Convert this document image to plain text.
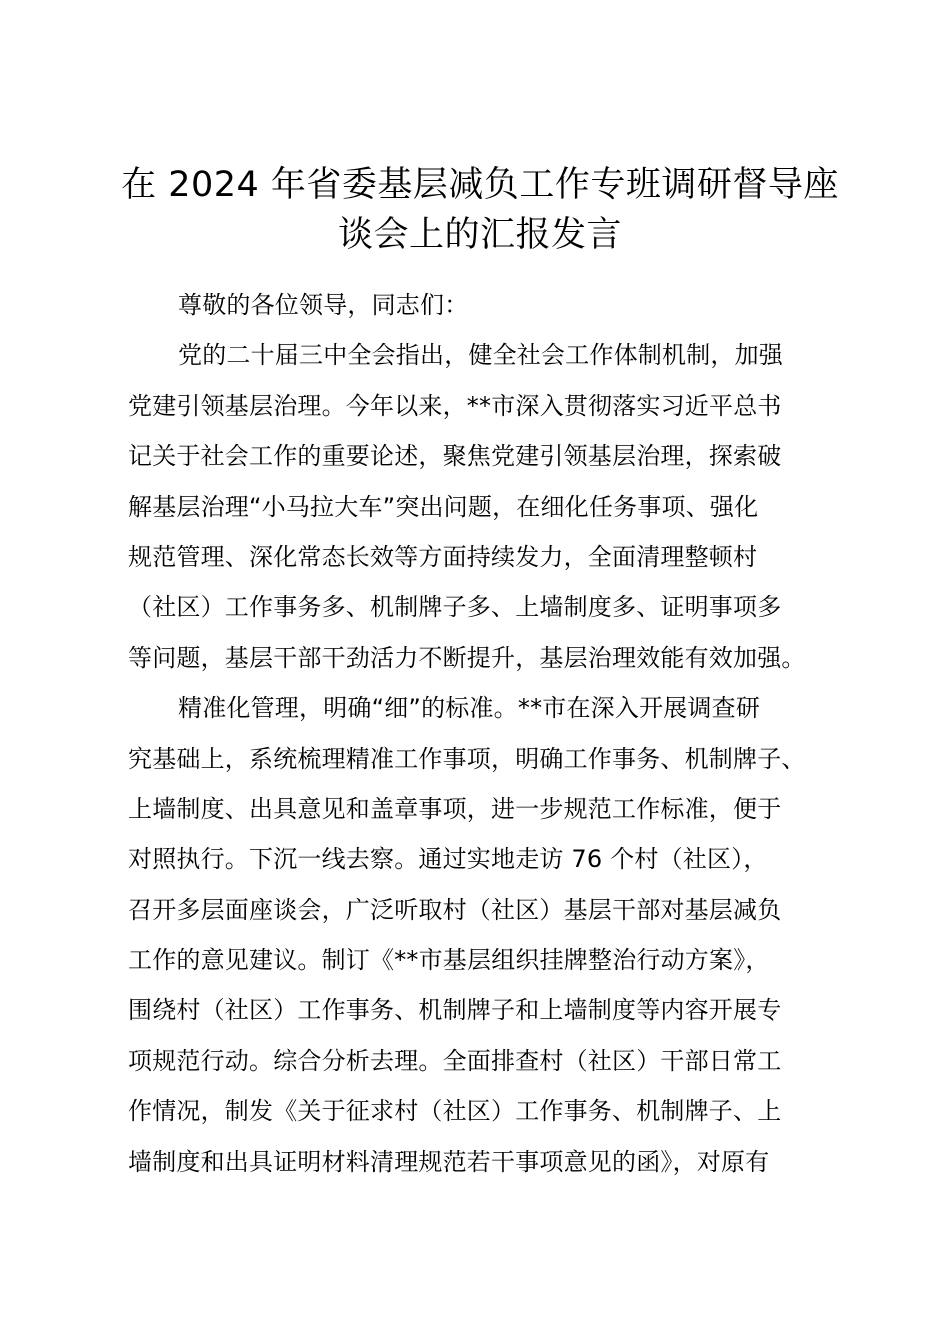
在 2024 年省委基层减负工作专班调研督导座
谈会上的汇报发言
尊敬的各位领导，同志们：
党的二十届三中全会指出，健全社会工作体制机制，加强
党建引领基层治理。今年以来，**市深入贯彻落实习近平总书
记关于社会工作的重要论述，聚焦党建引领基层治理，探索破
解基层治理“小马拉大车”突出问题，在细化任务事项、强化
规范管理、深化常态长效等方面持续发力，全面清理整顿村
（社区）工作事务多、机制牌子多、上墙制度多、证明事项多
等问题，基层干部干劲活力不断提升，基层治理效能有效加强。
精准化管理，明确“细”的标准。**市在深入开展调查研
究基础上，系统梳理精准工作事项，明确工作事务、机制牌子、
上墙制度、出具意见和盖章事项，进一步规范工作标准，便于
对照执行。下沉一线去察。通过实地走访 76 个村（社区），
召开多层面座谈会，广泛听取村（社区）基层干部对基层减负
工作的意见建议。制订《**市基层组织挂牌整治行动方案》，
围绕村（社区）工作事务、机制牌子和上墙制度等内容开展专
项规范行动。综合分析去理。全面排查村（社区）干部日常工
作情况，制发《关于征求村（社区）工作事务、机制牌子、上
墙制度和出具证明材料清理规范若干事项意见的函》，对原有
